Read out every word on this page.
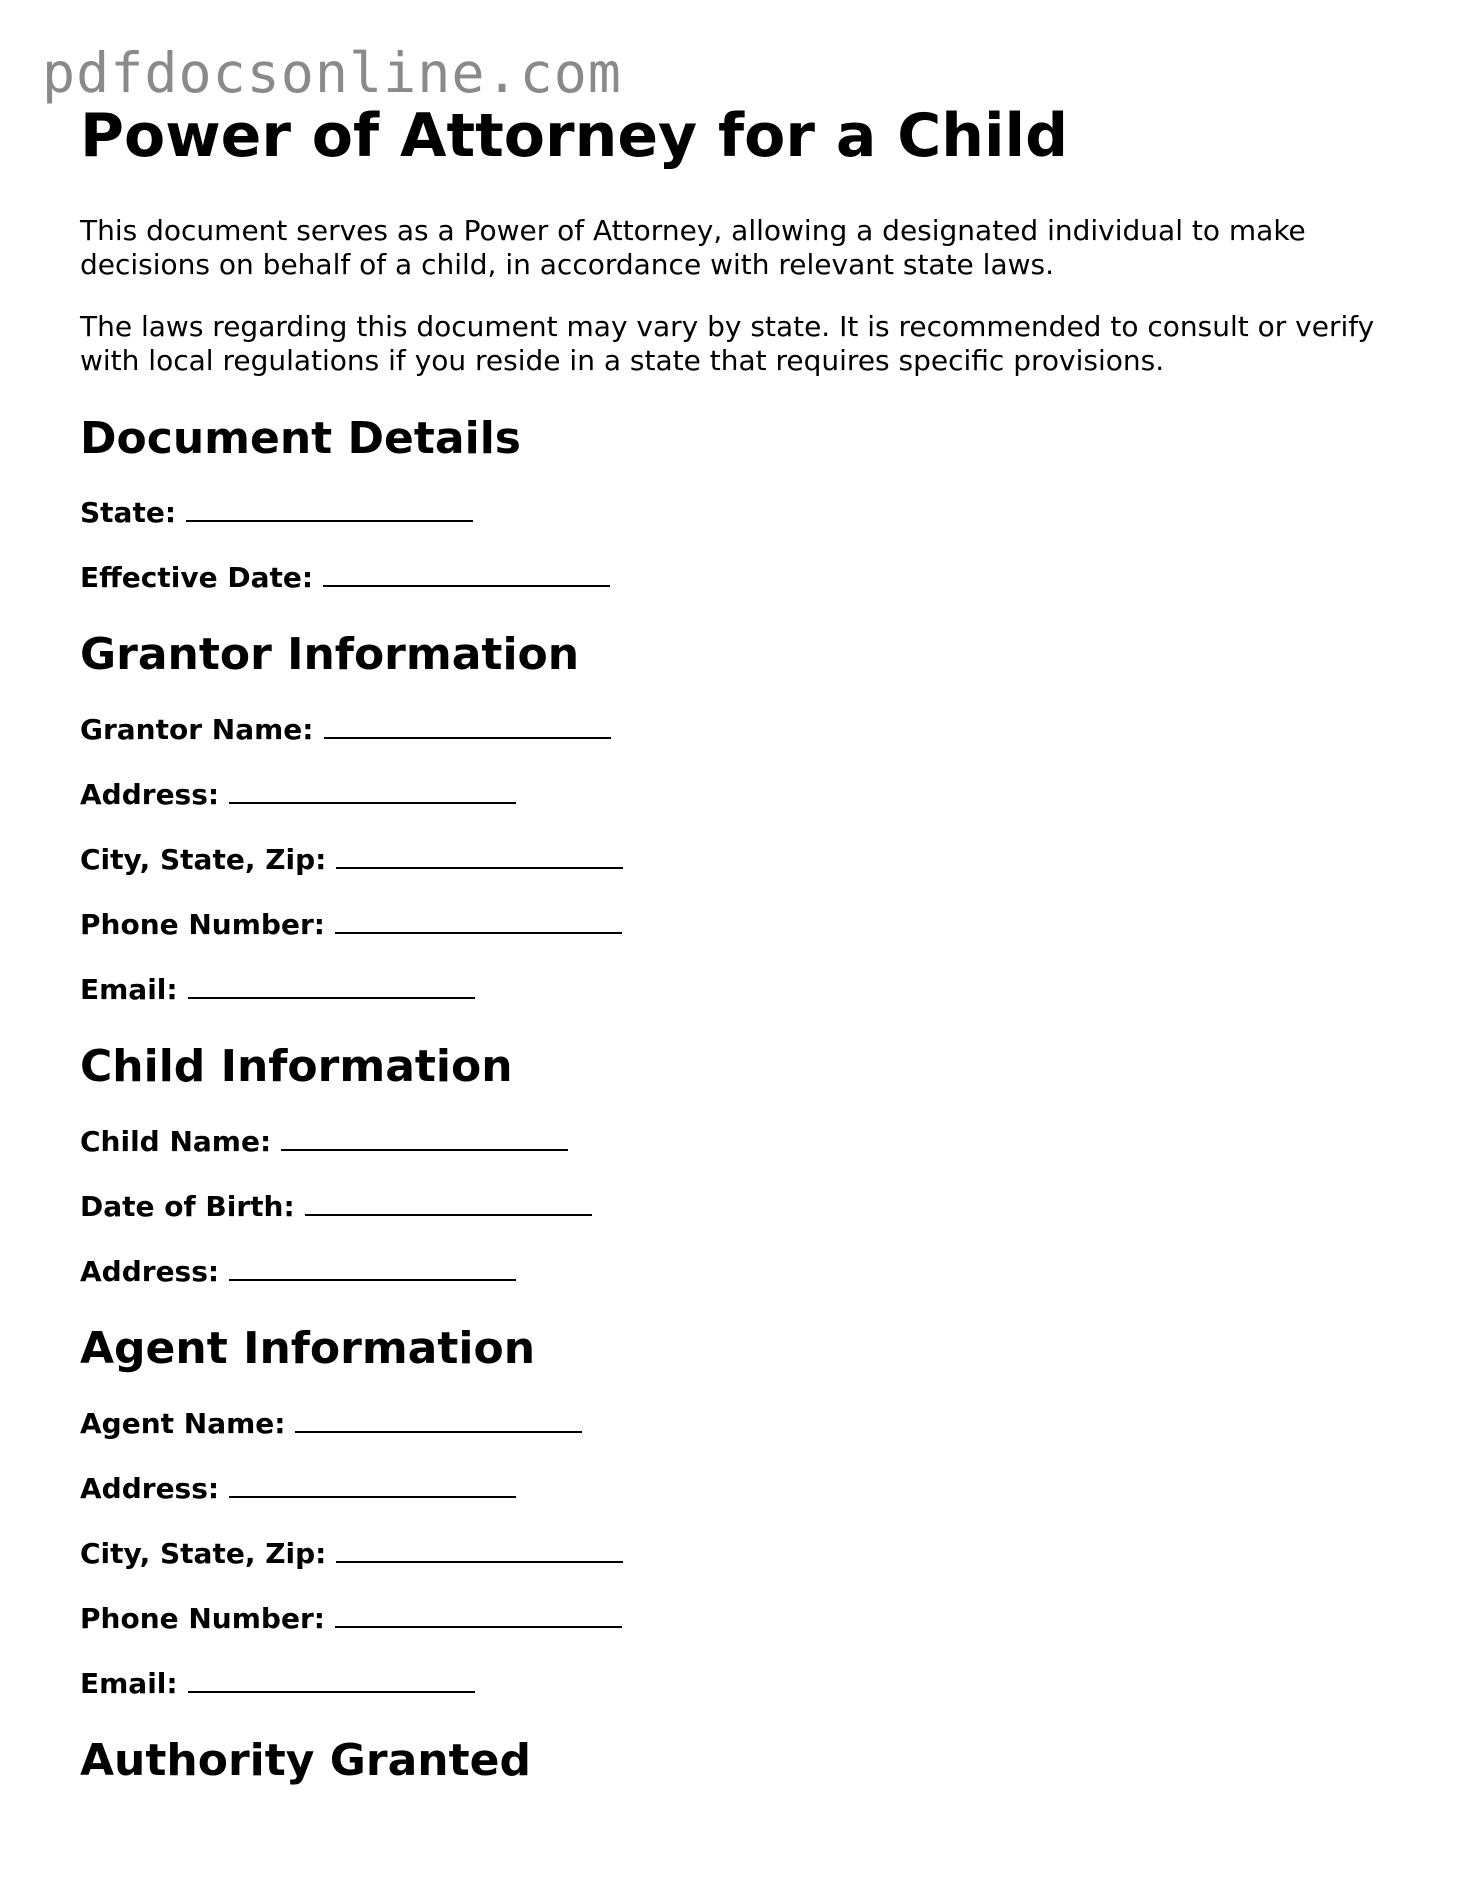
pdfdocsonline.com
Power of Attorney for a Child

This document serves as a Power of Attorney, allowing a designated individual to make decisions on behalf of a child, in accordance with relevant state laws.

The laws regarding this document may vary by state. It is recommended to consult or verify with local regulations if you reside in a state that requires specific provisions.

Document Details
State:
Effective Date:
Grantor Information
Grantor Name:
Address:
City, State, Zip:
Phone Number:
Email:
Child Information
Child Name:
Date of Birth:
Address:
Agent Information
Agent Name:
Address:
City, State, Zip:
Phone Number:
Email:
Authority Granted
